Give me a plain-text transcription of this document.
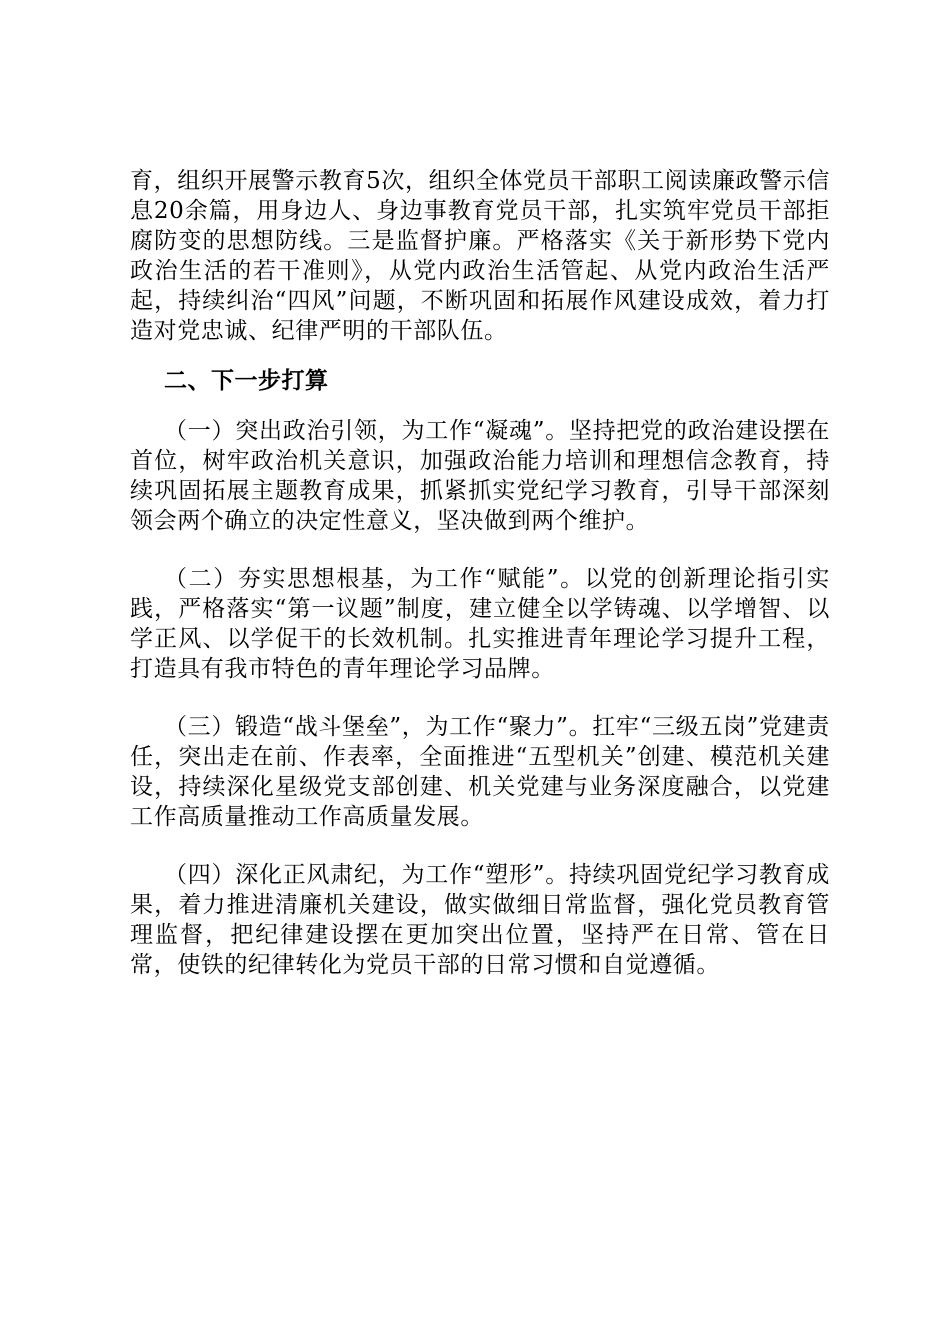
育，组织开展警示教育5次，组织全体党员干部职工阅读廉政警示信息20余篇，用身边人、身边事教育党员干部，扎实筑牢党员干部拒腐防变的思想防线。三是监督护廉。严格落实《关于新形势下党内政治生活的若干准则》，从党内政治生活管起、从党内政治生活严起，持续纠治“四风”问题，不断巩固和拓展作风建设成效，着力打造对党忠诚、纪律严明的干部队伍。

二、下一步打算

（一）突出政治引领，为工作“凝魂”。坚持把党的政治建设摆在首位，树牢政治机关意识，加强政治能力培训和理想信念教育，持续巩固拓展主题教育成果，抓紧抓实党纪学习教育，引导干部深刻领会两个确立的决定性意义，坚决做到两个维护。

（二）夯实思想根基，为工作“赋能”。以党的创新理论指引实践，严格落实“第一议题”制度，建立健全以学铸魂、以学增智、以学正风、以学促干的长效机制。扎实推进青年理论学习提升工程，打造具有我市特色的青年理论学习品牌。

（三）锻造“战斗堡垒”，为工作“聚力”。扛牢“三级五岗”党建责任，突出走在前、作表率，全面推进“五型机关”创建、模范机关建设，持续深化星级党支部创建、机关党建与业务深度融合，以党建工作高质量推动工作高质量发展。

（四）深化正风肃纪，为工作“塑形”。持续巩固党纪学习教育成果，着力推进清廉机关建设，做实做细日常监督，强化党员教育管理监督，把纪律建设摆在更加突出位置，坚持严在日常、管在日常，使铁的纪律转化为党员干部的日常习惯和自觉遵循。
